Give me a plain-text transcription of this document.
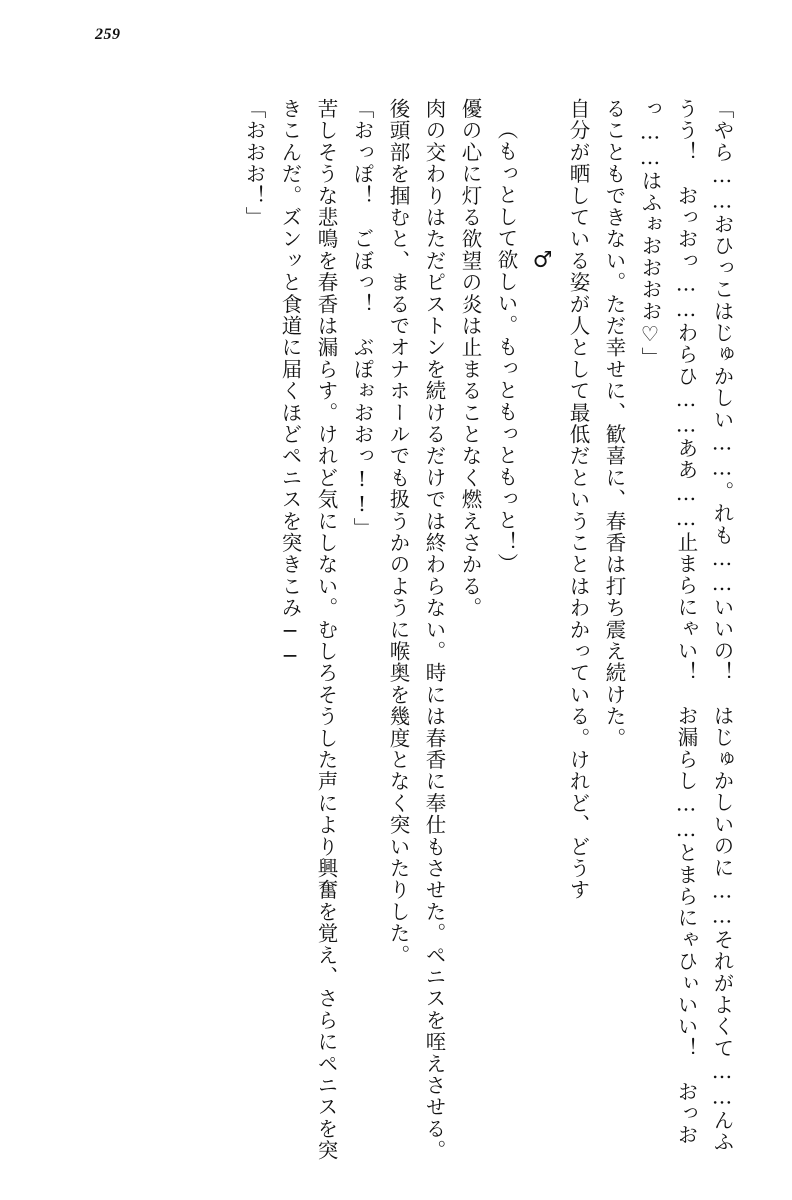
259
「やら……おひっこはじゅかしい……。れも……いいの！　はじゅかしいのに……それがよくて……んふうう！　おっおっ……わらひ……ああ……止まらにゃい！　お漏らし……とまらにゃひぃいい！　おっおっ……はふぉおおおお♡」
るこ​ともできない。ただ幸せに、歓喜に、春香は打ち震え続けた。
自分が晒している姿が人として最低だということはわかっている。けれど、どうす
♂
（もっとして欲しい。もっともっともっと！）
優の心に灯る欲望の炎は止まることなく燃えさかる。
肉の交わりはただピストンを続けるだけでは終わらない。時には春香に奉仕もさせた。ペニスを咥えさせる。後頭部を掴むと、まるでオナホールでも扱うかのように喉奥を幾度となく突いたりした。
「おっぽ！　ごぼっ！　ぶぽぉおおっ!!」
苦しそうな悲鳴を春香は漏らす。けれど気にしない。むしろそうした声により興奮を覚え、さらにペニスを突きこんだ。ズンッと食道に届くほどペニスを突きこみ──
「おおお！」
